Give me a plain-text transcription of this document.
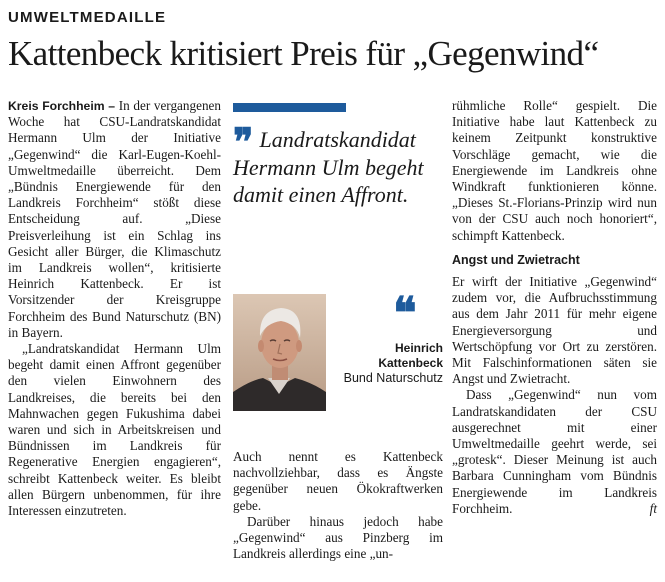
UMWELTMEDAILLE
Kattenbeck kritisiert Preis für „Gegenwind“

Kreis Forchheim – In der vergangenen Woche hat CSU-Landratskandidat Hermann Ulm der Initiative „Gegenwind“ die Karl-Eugen-Koehl-Umweltmedaille überreicht. Dem „Bündnis Energiewende für den Landkreis Forchheim“ stößt diese Entscheidung auf. „Diese Preisverleihung ist ein Schlag ins Gesicht aller Bürger, die Klimaschutz im Landkreis wollen“, kritisierte Heinrich Kattenbeck. Er ist Vorsitzender der Kreisgruppe Forchheim des Bund Naturschutz (BN) in Bayern.

„Landratskandidat Hermann Ulm begeht damit einen Affront gegenüber den vielen Einwohnern des Landkreises, die bereits bei den Mahnwachen gegen Fukushima dabei waren und sich in Arbeitskreisen und Bündnissen im Landkreis für Regenerative Energien engagieren“, schreibt Kattenbeck weiter. Es bleibt allen Bürgern unbenommen, für ihre Interessen einzutreten.

❞ Landratskandidat Hermann Ulm begeht damit einen Affront.
❝
Heinrich
Kattenbeck
Bund Naturschutz

Auch nennt es Kattenbeck nachvollziehbar, dass es Ängste gegenüber neuen Ökokraftwerken gebe.

Darüber hinaus jedoch habe „Gegenwind“ aus Pinzberg im Landkreis allerdings eine „un-

rühmliche Rolle“ gespielt. Die Initiative habe laut Kattenbeck zu keinem Zeitpunkt konstruktive Vorschläge gemacht, wie die Energiewende im Landkreis ohne Windkraft funktionieren könne. „Dieses St.-Florians-Prinzip wird nun von der CSU auch noch honoriert“, schimpft Kattenbeck.

Angst und Zwietracht

Er wirft der Initiative „Gegenwind“ zudem vor, die Aufbruchsstimmung aus dem Jahr 2011 für mehr eigene Energieversorgung und Wertschöpfung vor Ort zu zerstören. Mit Falschinformationen säten sie Angst und Zwietracht.

Dass „Gegenwind“ nun vom Landratskandidaten der CSU ausgerechnet mit einer Umweltmedaille geehrt werde, sei „grotesk“. Dieser Meinung ist auch Barbara Cunningham vom Bündnis Energiewende im Landkreis Forchheim.	ft
